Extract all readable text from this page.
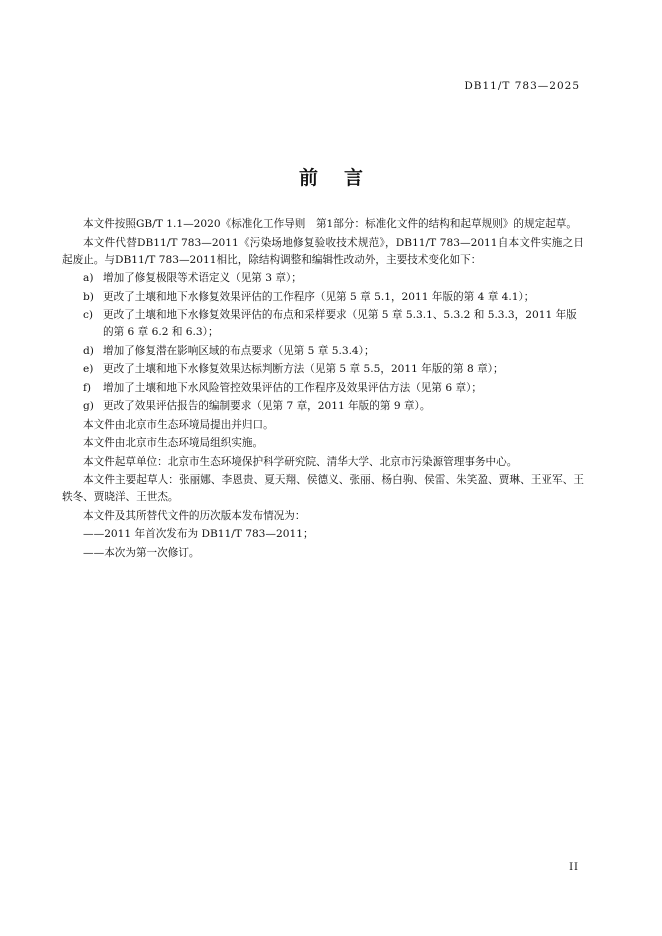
DB11/T 783—2025
前言

本文件按照GB/T 1.1—2020《标准化工作导则　第1部分：标准化文件的结构和起草规则》的规定起草。

本文件代替DB11/T 783—2011《污染场地修复验收技术规范》，DB11/T 783—2011自本文件实施之日起废止。与DB11/T 783—2011相比，除结构调整和编辑性改动外，主要技术变化如下：

a) 增加了修复极限等术语定义（见第 3 章）；
b) 更改了土壤和地下水修复效果评估的工作程序（见第 5 章 5.1，2011 年版的第 4 章 4.1）；
c) 更改了土壤和地下水修复效果评估的布点和采样要求（见第 5 章 5.3.1、5.3.2 和 5.3.3，2011 年版的第 6 章 6.2 和 6.3）；
d) 增加了修复潜在影响区域的布点要求（见第 5 章 5.3.4）；
e) 更改了土壤和地下水修复效果达标判断方法（见第 5 章 5.5，2011 年版的第 8 章）；
f)	增加了土壤和地下水风险管控效果评估的工作程序及效果评估方法（见第 6 章）；
g) 更改了效果评估报告的编制要求（见第 7 章，2011 年版的第 9 章）。

本文件由北京市生态环境局提出并归口。

本文件由北京市生态环境局组织实施。

本文件起草单位：北京市生态环境保护科学研究院、清华大学、北京市污染源管理事务中心。

本文件主要起草人：张丽娜、李恩贵、夏天翔、侯德义、张丽、杨白驹、侯雷、朱笑盈、贾琳、王亚军、王轶冬、贾晓洋、王世杰。

本文件及其所替代文件的历次版本发布情况为：

——2011 年首次发布为 DB11/T 783—2011；

——本次为第一次修订。

II
